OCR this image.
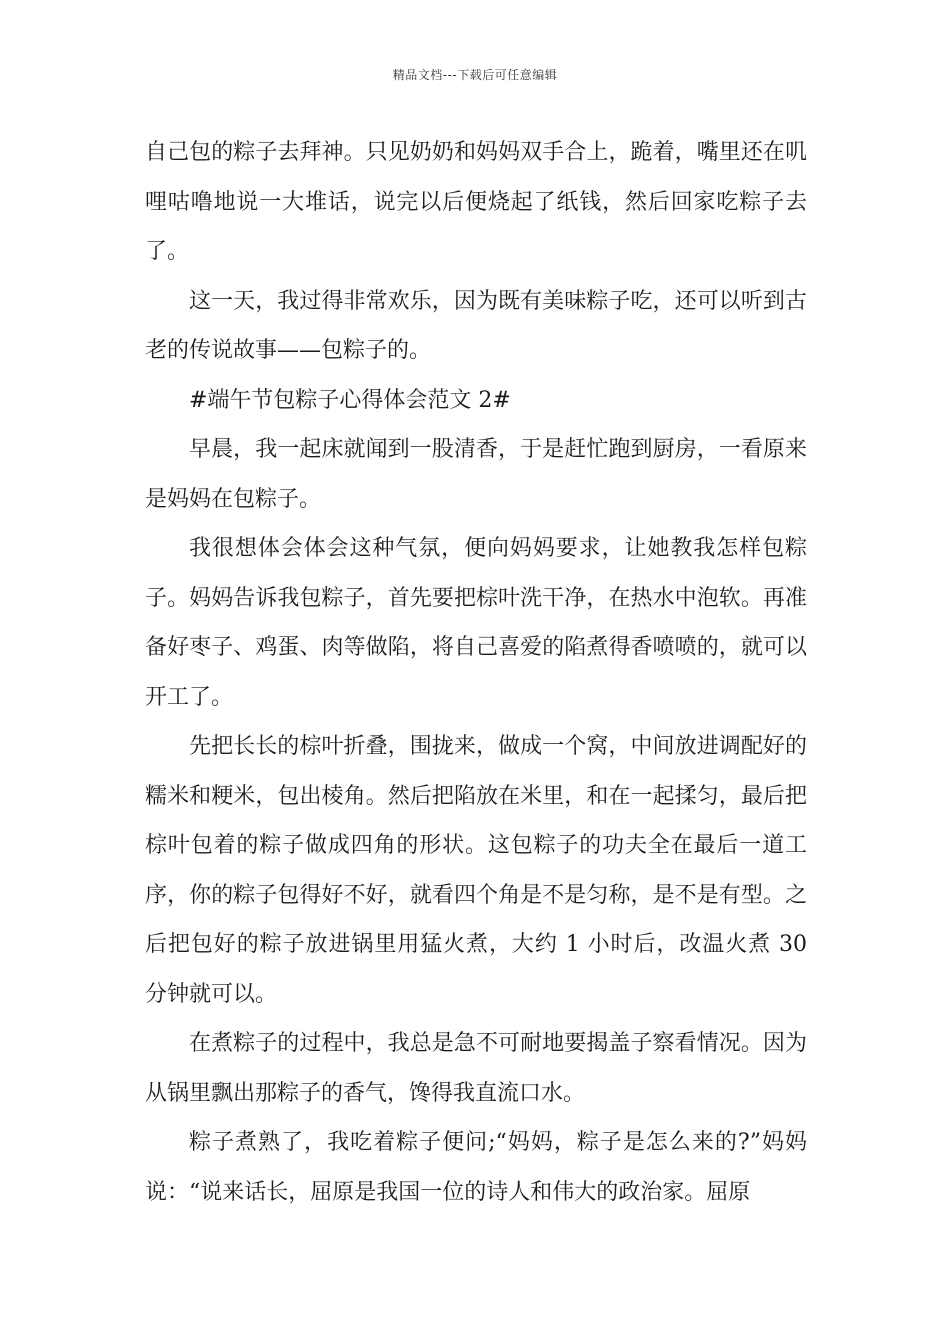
精品文档---下载后可任意编辑

自己包的粽子去拜神。只见奶奶和妈妈双手合上，跪着，嘴里还在叽哩咕噜地说一大堆话，说完以后便烧起了纸钱，然后回家吃粽子去了。

这一天，我过得非常欢乐，因为既有美味粽子吃，还可以听到古老的传说故事——包粽子的。

#端午节包粽子心得体会范文 2#

早晨，我一起床就闻到一股清香，于是赶忙跑到厨房，一看原来是妈妈在包粽子。

我很想体会体会这种气氛，便向妈妈要求，让她教我怎样包粽子。妈妈告诉我包粽子，首先要把棕叶洗干净，在热水中泡软。再准备好枣子、鸡蛋、肉等做陷，将自己喜爱的陷煮得香喷喷的，就可以开工了。

先把长长的棕叶折叠，围拢来，做成一个窝，中间放进调配好的糯米和粳米，包出棱角。然后把陷放在米里，和在一起揉匀，最后把棕叶包着的粽子做成四角的形状。这包粽子的功夫全在最后一道工序，你的粽子包得好不好，就看四个角是不是匀称，是不是有型。之后把包好的粽子放进锅里用猛火煮，大约 1 小时后，改温火煮 30 分钟就可以。

在煮粽子的过程中，我总是急不可耐地要揭盖子察看情况。因为从锅里飘出那粽子的香气，馋得我直流口水。

粽子煮熟了，我吃着粽子便问;“妈妈，粽子是怎么来的?”妈妈说：“说来话长，屈原是我国一位的诗人和伟大的政治家。屈原
